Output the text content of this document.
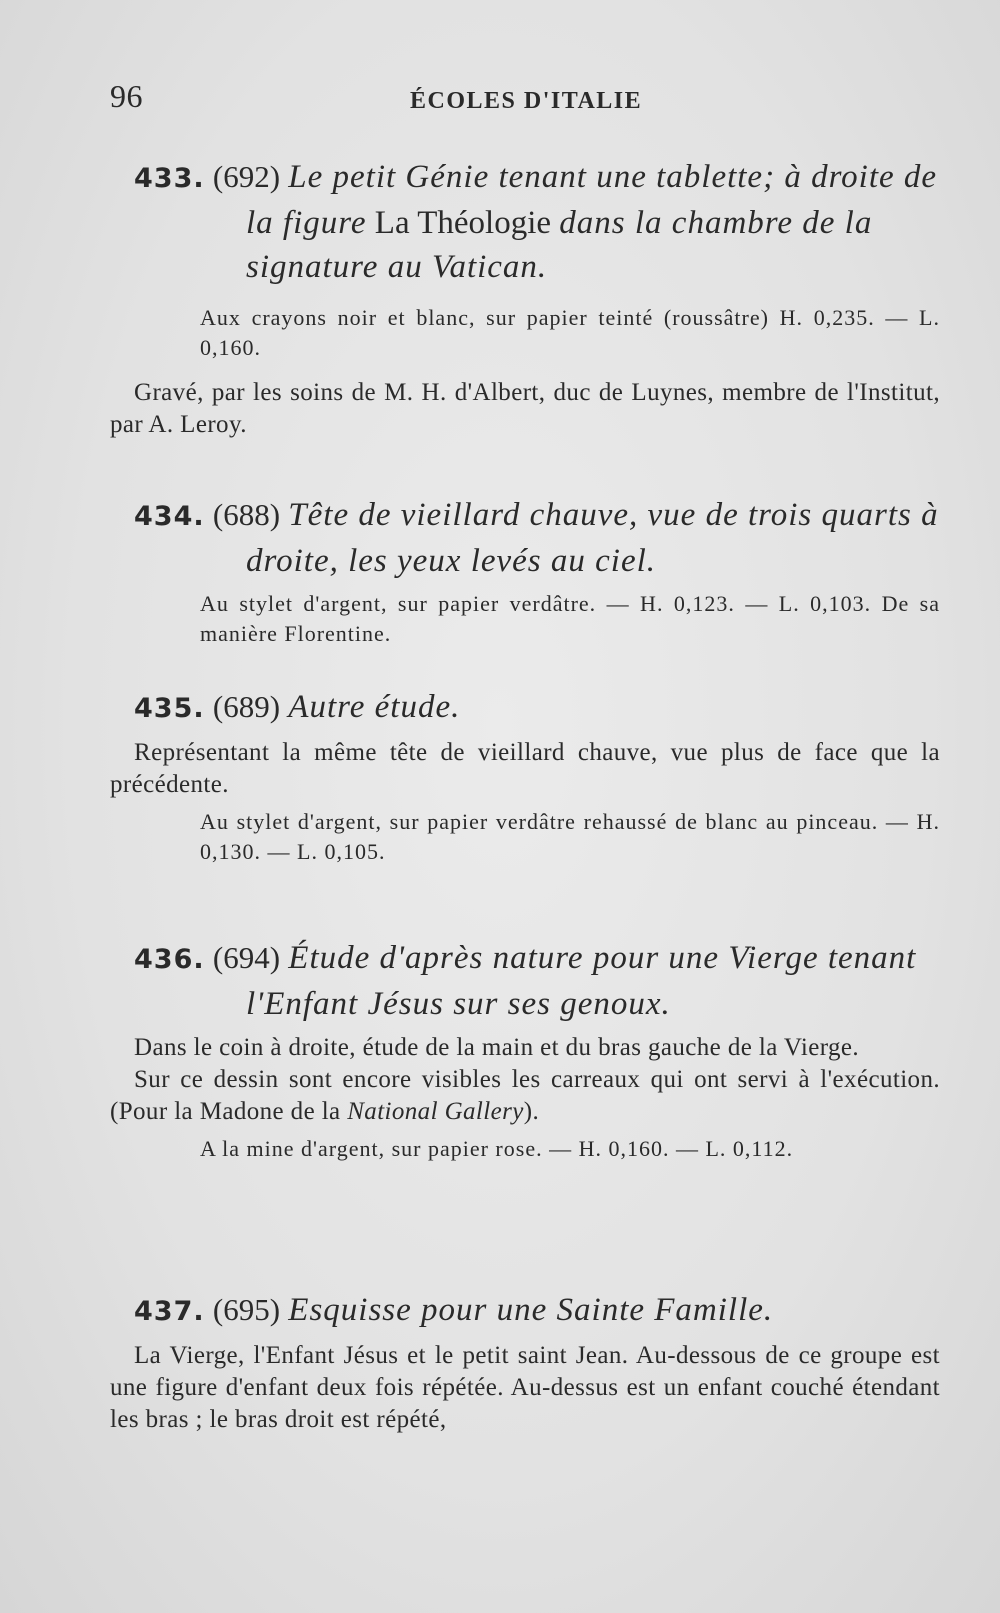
96	ÉCOLES D'ITALIE

433. (692) Le petit Génie tenant une tablette; à droite de la figure La Théologie dans la chambre de la signature au Vatican.

Aux crayons noir et blanc, sur papier teinté (roussâtre) H. 0,235. — L. 0,160.

Gravé, par les soins de M. H. d'Albert, duc de Luynes, membre de l'Institut, par A. Leroy.

434. (688) Tête de vieillard chauve, vue de trois quarts à droite, les yeux levés au ciel.

Au stylet d'argent, sur papier verdâtre. — H. 0,123. — L. 0,103. De sa manière Florentine.

435. (689) Autre étude.

Représentant la même tête de vieillard chauve, vue plus de face que la précédente.

Au stylet d'argent, sur papier verdâtre rehaussé de blanc au pinceau. — H. 0,130. — L. 0,105.

436. (694) Étude d'après nature pour une Vierge tenant l'Enfant Jésus sur ses genoux.

Dans le coin à droite, étude de la main et du bras gauche de la Vierge.

Sur ce dessin sont encore visibles les carreaux qui ont servi à l'exécution. (Pour la Madone de la National Gallery).

A la mine d'argent, sur papier rose. — H. 0,160. — L. 0,112.

437. (695) Esquisse pour une Sainte Famille.

La Vierge, l'Enfant Jésus et le petit saint Jean. Au-dessous de ce groupe est une figure d'enfant deux fois répétée. Au-dessus est un enfant couché étendant les bras ; le bras droit est répété,
